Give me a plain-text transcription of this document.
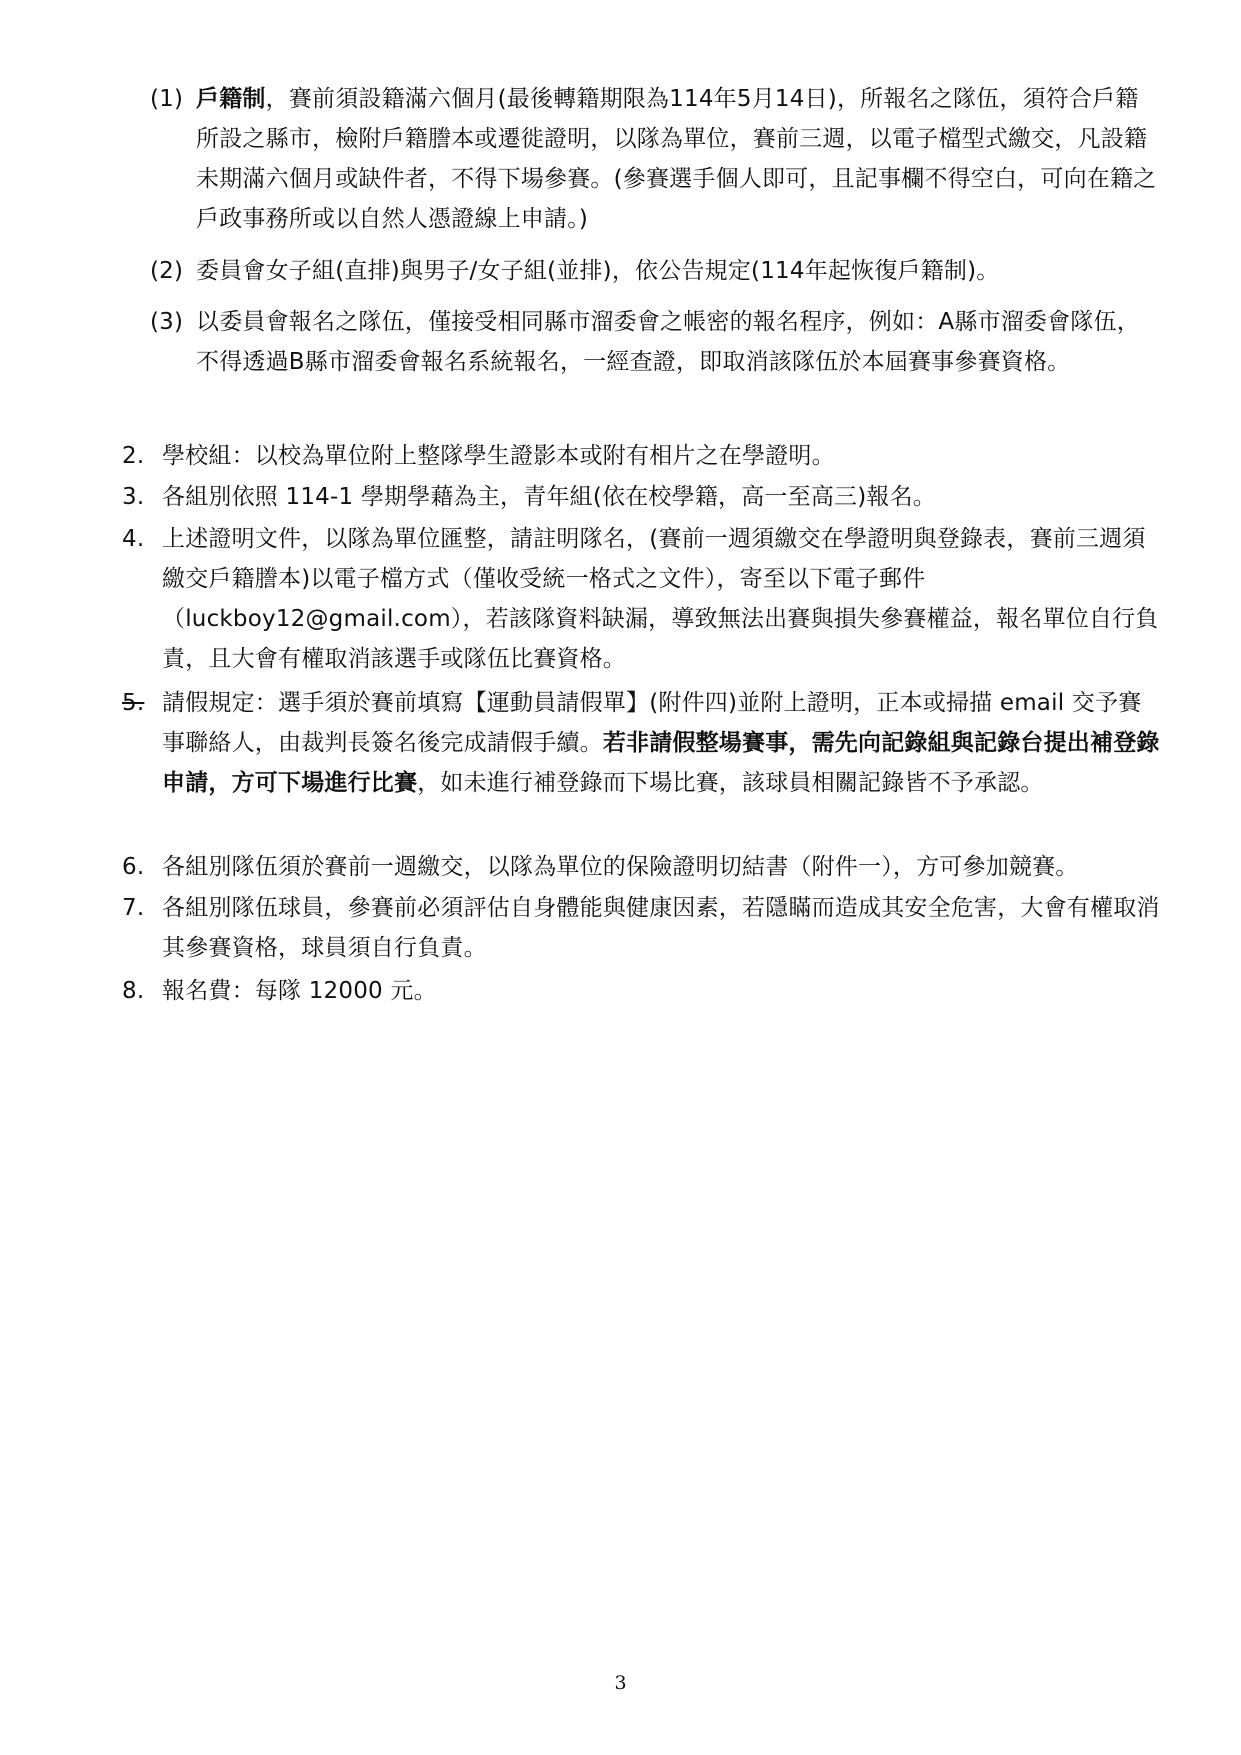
(1) 戶籍制，賽前須設籍滿六個月(最後轉籍期限為114年5月14日)，所報名之隊伍，須符合戶籍所設之縣市，檢附戶籍謄本或遷徙證明，以隊為單位，賽前三週，以電子檔型式繳交，凡設籍未期滿六個月或缺件者，不得下場參賽。(參賽選手個人即可，且記事欄不得空白，可向在籍之戶政事務所或以自然人憑證線上申請。)
(2) 委員會女子組(直排)與男子/女子組(並排)，依公告規定(114年起恢復戶籍制)。
(3) 以委員會報名之隊伍，僅接受相同縣市溜委會之帳密的報名程序，例如：A縣市溜委會隊伍，不得透過B縣市溜委會報名系統報名，一經查證，即取消該隊伍於本屆賽事參賽資格。
2. 學校組：以校為單位附上整隊學生證影本或附有相片之在學證明。
3. 各組別依照 114-1 學期學藉為主，青年組(依在校學籍，高一至高三)報名。
4. 上述證明文件，以隊為單位匯整，請註明隊名，(賽前一週須繳交在學證明與登錄表，賽前三週須繳交戶籍謄本)以電子檔方式（僅收受統一格式之文件），寄至以下電子郵件（luckboy12@gmail.com），若該隊資料缺漏，導致無法出賽與損失參賽權益，報名單位自行負責，且大會有權取消該選手或隊伍比賽資格。
5. 請假規定：選手須於賽前填寫【運動員請假單】(附件四)並附上證明，正本或掃描 email 交予賽事聯絡人，由裁判長簽名後完成請假手續。若非請假整場賽事，需先向記錄組與記錄台提出補登錄申請，方可下場進行比賽，如未進行補登錄而下場比賽，該球員相關記錄皆不予承認。
6. 各組別隊伍須於賽前一週繳交，以隊為單位的保險證明切結書（附件一），方可參加競賽。
7. 各組別隊伍球員，參賽前必須評估自身體能與健康因素，若隱瞞而造成其安全危害，大會有權取消其參賽資格，球員須自行負責。
8. 報名費：每隊 12000 元。
3
